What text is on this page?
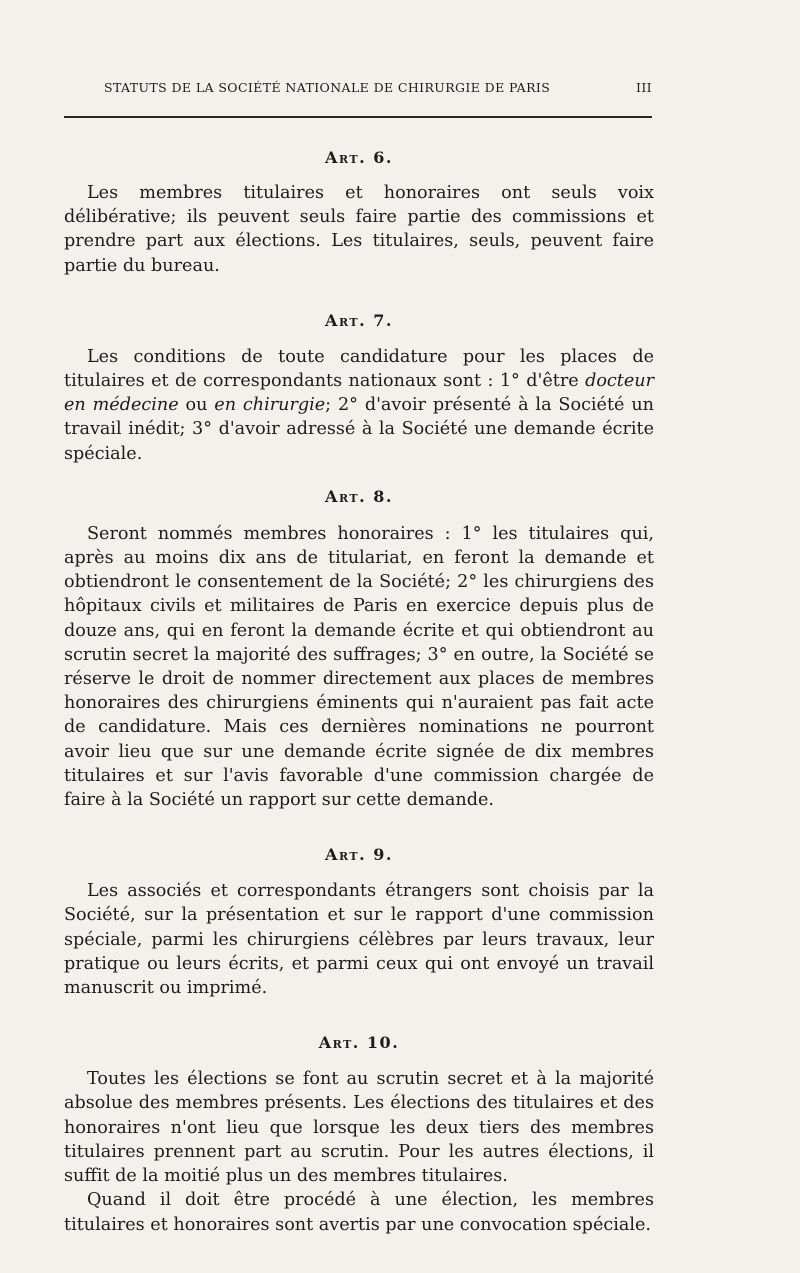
STATUTS DE LA SOCIÉTÉ NATIONALE DE CHIRURGIE DE PARIS	III
Art. 6.

Les membres titulaires et honoraires ont seuls voix délibérative; ils peuvent seuls faire partie des commissions et prendre part aux élections. Les titulaires, seuls, peuvent faire partie du bureau.

Art. 7.

Les conditions de toute candidature pour les places de titulaires et de correspondants nationaux sont : 1° d'être docteur en médecine ou en chirurgie; 2° d'avoir présenté à la Société un travail inédit; 3° d'avoir adressé à la Société une demande écrite spéciale.

Art. 8.

Seront nommés membres honoraires : 1° les titulaires qui, après au moins dix ans de titulariat, en feront la demande et obtiendront le consentement de la Société; 2° les chirurgiens des hôpitaux civils et militaires de Paris en exercice depuis plus de douze ans, qui en feront la demande écrite et qui obtiendront au scrutin secret la majorité des suffrages; 3° en outre, la Société se réserve le droit de nommer directement aux places de membres honoraires des chirurgiens éminents qui n'auraient pas fait acte de candidature. Mais ces dernières nominations ne pourront avoir lieu que sur une demande écrite signée de dix membres titulaires et sur l'avis favorable d'une commission chargée de faire à la Société un rapport sur cette demande.

Art. 9.

Les associés et correspondants étrangers sont choisis par la Société, sur la présentation et sur le rapport d'une commission spéciale, parmi les chirurgiens célèbres par leurs travaux, leur pratique ou leurs écrits, et parmi ceux qui ont envoyé un travail manuscrit ou imprimé.

Art. 10.

Toutes les élections se font au scrutin secret et à la majorité absolue des membres présents. Les élections des titulaires et des honoraires n'ont lieu que lorsque les deux tiers des membres titulaires prennent part au scrutin. Pour les autres élections, il suffit de la moitié plus un des membres titulaires.

Quand il doit être procédé à une élection, les membres titulaires et honoraires sont avertis par une convocation spéciale.
